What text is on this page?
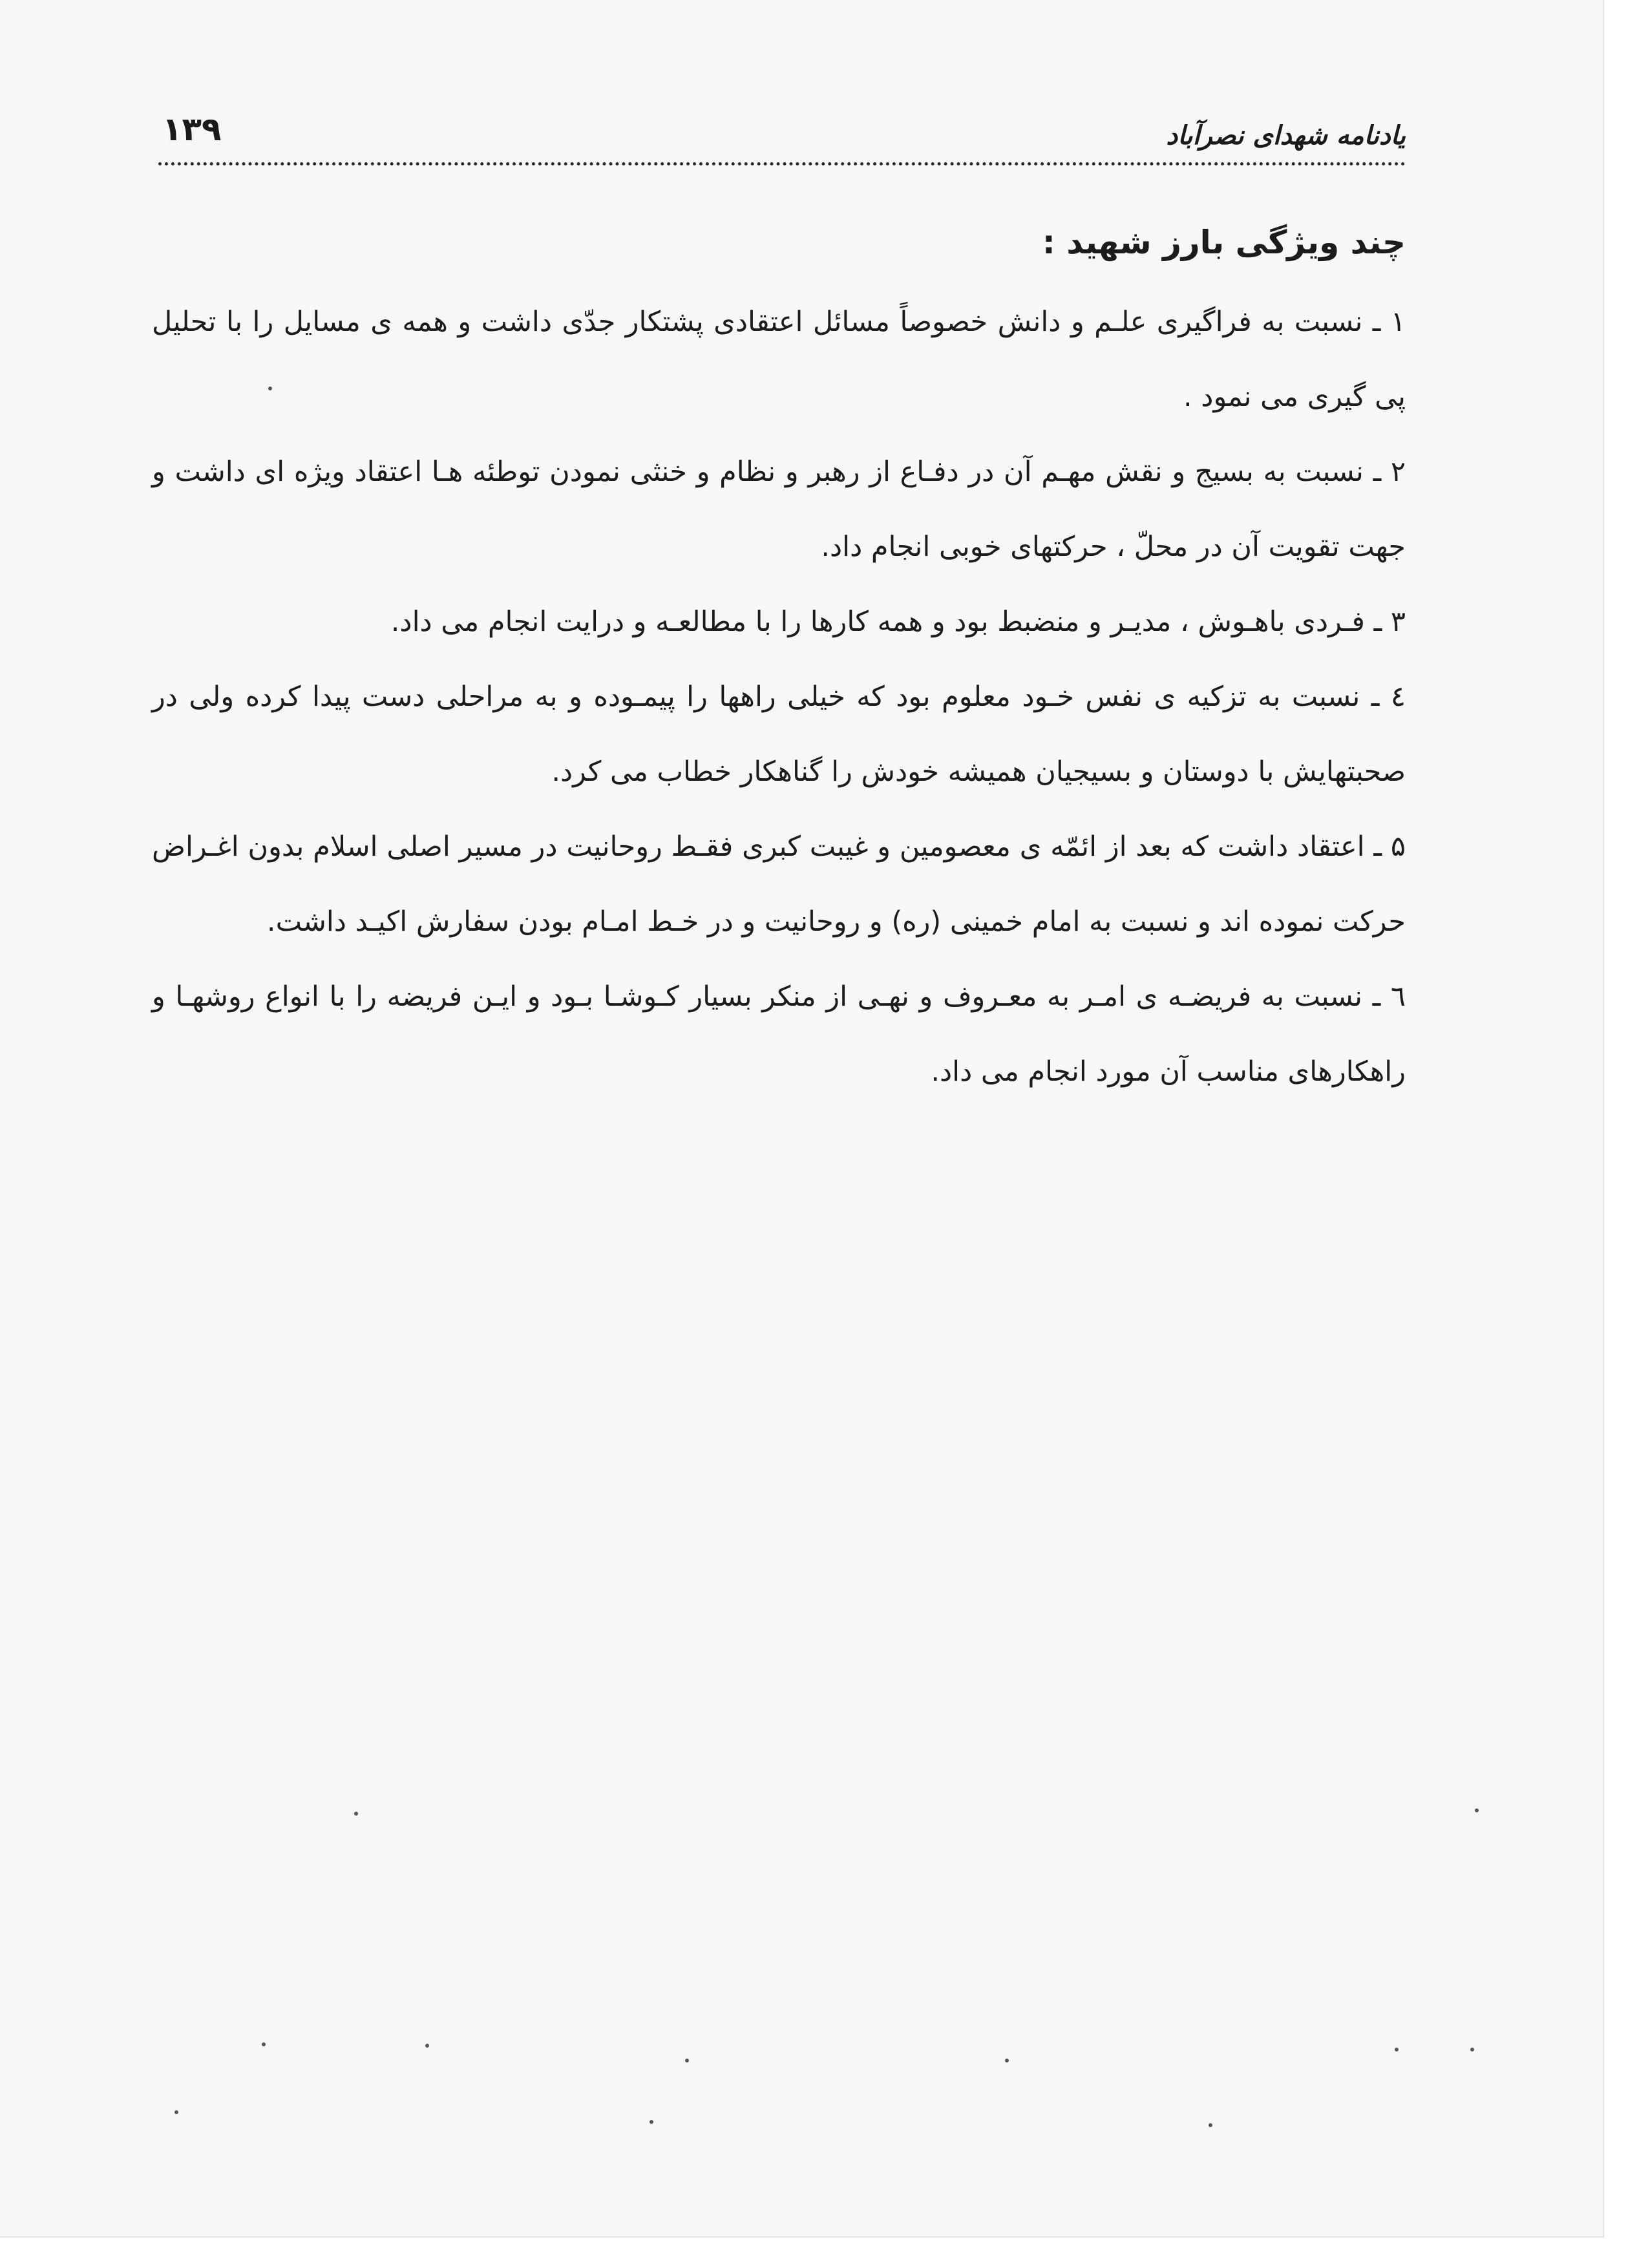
یادنامه شهدای نصرآباد
۱۳۹
چند ویژگی بارز شهید :

۱ ـ نسبت به فراگیری علـم و دانش خصوصاً مسائل اعتقادی پشتکار جدّی داشت و همه ی مسایل را با تحلیل پی گیری می نمود .

۲ ـ نسبت به بسیج و نقش مهـم آن در دفـاع از رهبر و نظام و خنثی نمودن توطئه هـا اعتقاد ویژه ای داشت و جهت تقویت آن در محلّ ، حرکتهای خوبی انجام داد.

۳ ـ فـردی باهـوش ، مدیـر و منضبط بود و همه کارها را با مطالعـه و درایت انجام می داد.

٤ ـ نسبت به تزکیه ی نفس خـود معلوم بود که خیلی راهها را پیمـوده و به مراحلی دست پیدا کرده ولی در صحبتهایش با دوستان و بسیجیان همیشه خودش را گناهکار خطاب می کرد.

۵ ـ اعتقاد داشت که بعد از ائمّه ی معصومین و غیبت کبری فقـط روحانیت در مسیر اصلی اسلام بدون اغـراض حرکت نموده اند و نسبت به امام خمینی (ره) و روحانیت و در خـط امـام بودن سفارش اکیـد داشت.

٦ ـ نسبت به فریضـه ی امـر به معـروف و نهـی از منکر بسیار کـوشـا بـود و ایـن فریضه را با انواع روشهـا و راهکارهای مناسب آن مورد انجام می داد.
